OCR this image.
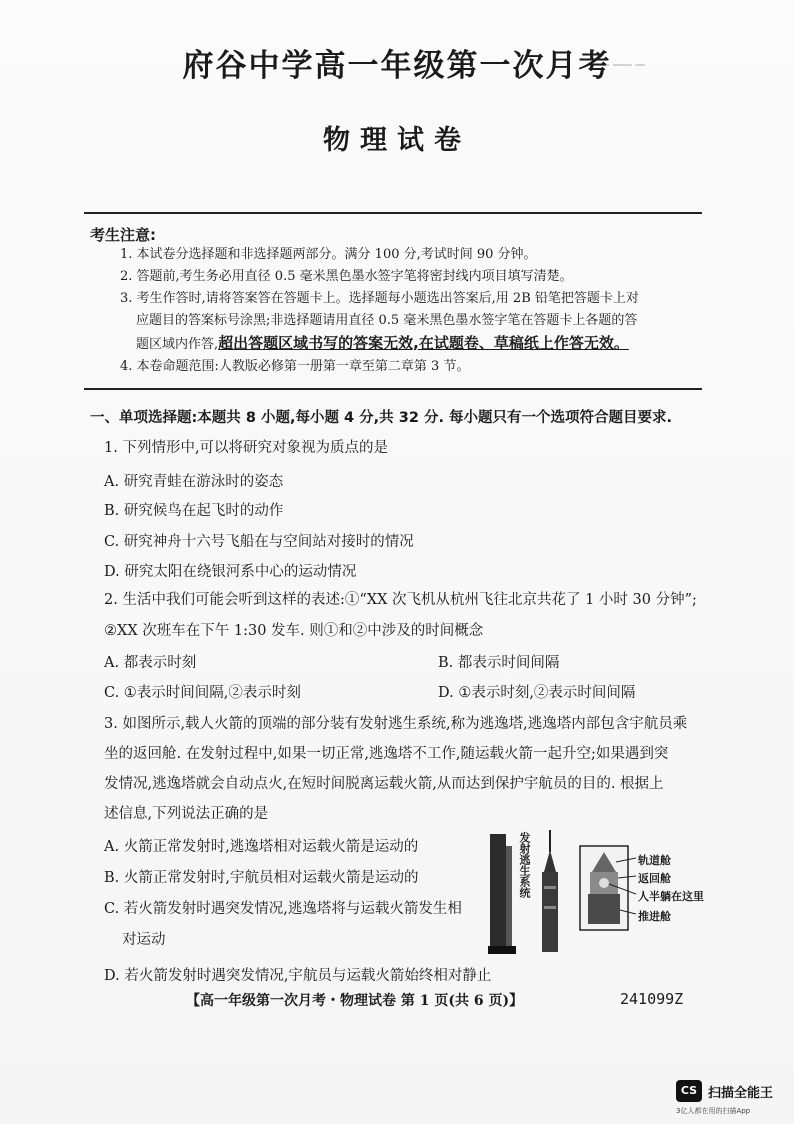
▁ ▁▁ ▁
府谷中学高一年级第一次月考
物理试卷
考生注意:
1. 本试卷分选择题和非选择题两部分。满分 100 分,考试时间 90 分钟。
2. 答题前,考生务必用直径 0.5 毫米黑色墨水签字笔将密封线内项目填写清楚。
3. 考生作答时,请将答案答在答题卡上。选择题每小题选出答案后,用 2B 铅笔把答题卡上对
应题目的答案标号涂黑;非选择题请用直径 0.5 毫米黑色墨水签字笔在答题卡上各题的答
题区域内作答,超出答题区域书写的答案无效,在试题卷、草稿纸上作答无效。
4. 本卷命题范围:人教版必修第一册第一章至第二章第 3 节。
一、单项选择题:本题共 8 小题,每小题 4 分,共 32 分. 每小题只有一个选项符合题目要求.
1. 下列情形中,可以将研究对象视为质点的是
A. 研究青蛙在游泳时的姿态
B. 研究候鸟在起飞时的动作
C. 研究神舟十六号飞船在与空间站对接时的情况
D. 研究太阳在绕银河系中心的运动情况
2. 生活中我们可能会听到这样的表述:①“XX 次飞机从杭州飞往北京共花了 1 小时 30 分钟”;
②XX 次班车在下午 1:30 发车. 则①和②中涉及的时间概念
A. 都表示时刻	B. 都表示时间间隔
C. ①表示时间间隔,②表示时刻	D. ①表示时刻,②表示时间间隔
3. 如图所示,载人火箭的顶端的部分装有发射逃生系统,称为逃逸塔,逃逸塔内部包含宇航员乘
坐的返回舱. 在发射过程中,如果一切正常,逃逸塔不工作,随运载火箭一起升空;如果遇到突
发情况,逃逸塔就会自动点火,在短时间脱离运载火箭,从而达到保护宇航员的目的. 根据上
述信息,下列说法正确的是
A. 火箭正常发射时,逃逸塔相对运载火箭是运动的
B. 火箭正常发射时,宇航员相对运载火箭是运动的
C. 若火箭发射时遇突发情况,逃逸塔将与运载火箭发生相
对运动
D. 若火箭发射时遇突发情况,宇航员与运载火箭始终相对静止
发射逃生系统	轨道舱
返回舱
人半躺在这里
推进舱
【高一年级第一次月考・物理试卷 第 1 页(共 6 页)】	241099Z
CS 扫描全能王
3亿人都在用的扫描App
